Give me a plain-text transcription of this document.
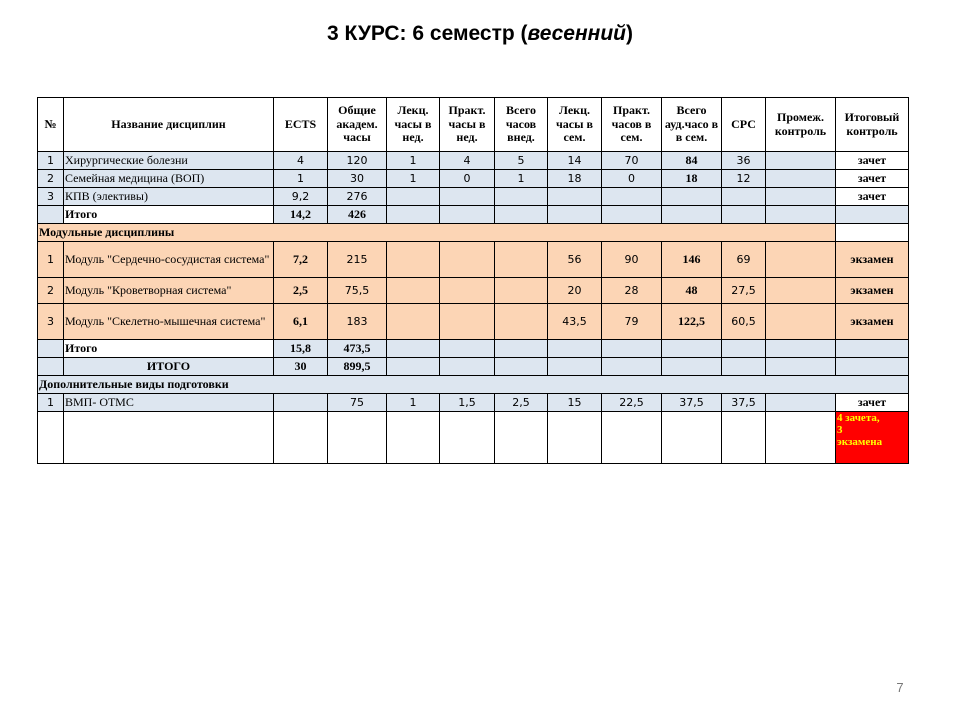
3 КУРС: 6 семестр (весенний)
№	Название дисциплин	ECTS	Общие академ. часы	Лекц. часы в нед.	Практ. часы в нед.	Всего часов внед.	Лекц. часы в сем.	Практ. часов в сем.	Всего ауд.часо в в сем.	СРС	Промеж. контроль	Итоговый контроль
1	Хирургические болезни	4	120	1	4	5	14	70	84	36		зачет
2	Семейная медицина (ВОП)	1	30	1	0	1	18	0	18	12		зачет
3	КПВ (элективы)	9,2	276									зачет
	Итого	14,2	426									
Модульные дисциплины												
1	Модуль "Сердечно-сосудистая система"	7,2	215				56	90	146	69		экзамен
2	Модуль "Кроветворная система"	2,5	75,5				20	28	48	27,5		экзамен
3	Модуль "Скелетно-мышечная система"	6,1	183				43,5	79	122,5	60,5		экзамен
	Итого	15,8	473,5									
	ИТОГО	30	899,5									
Дополнительные виды подготовки												
1	ВМП- ОТМС		75	1	1,5	2,5	15	22,5	37,5	37,5		зачет

												4 зачета,
3
экзамена
7
